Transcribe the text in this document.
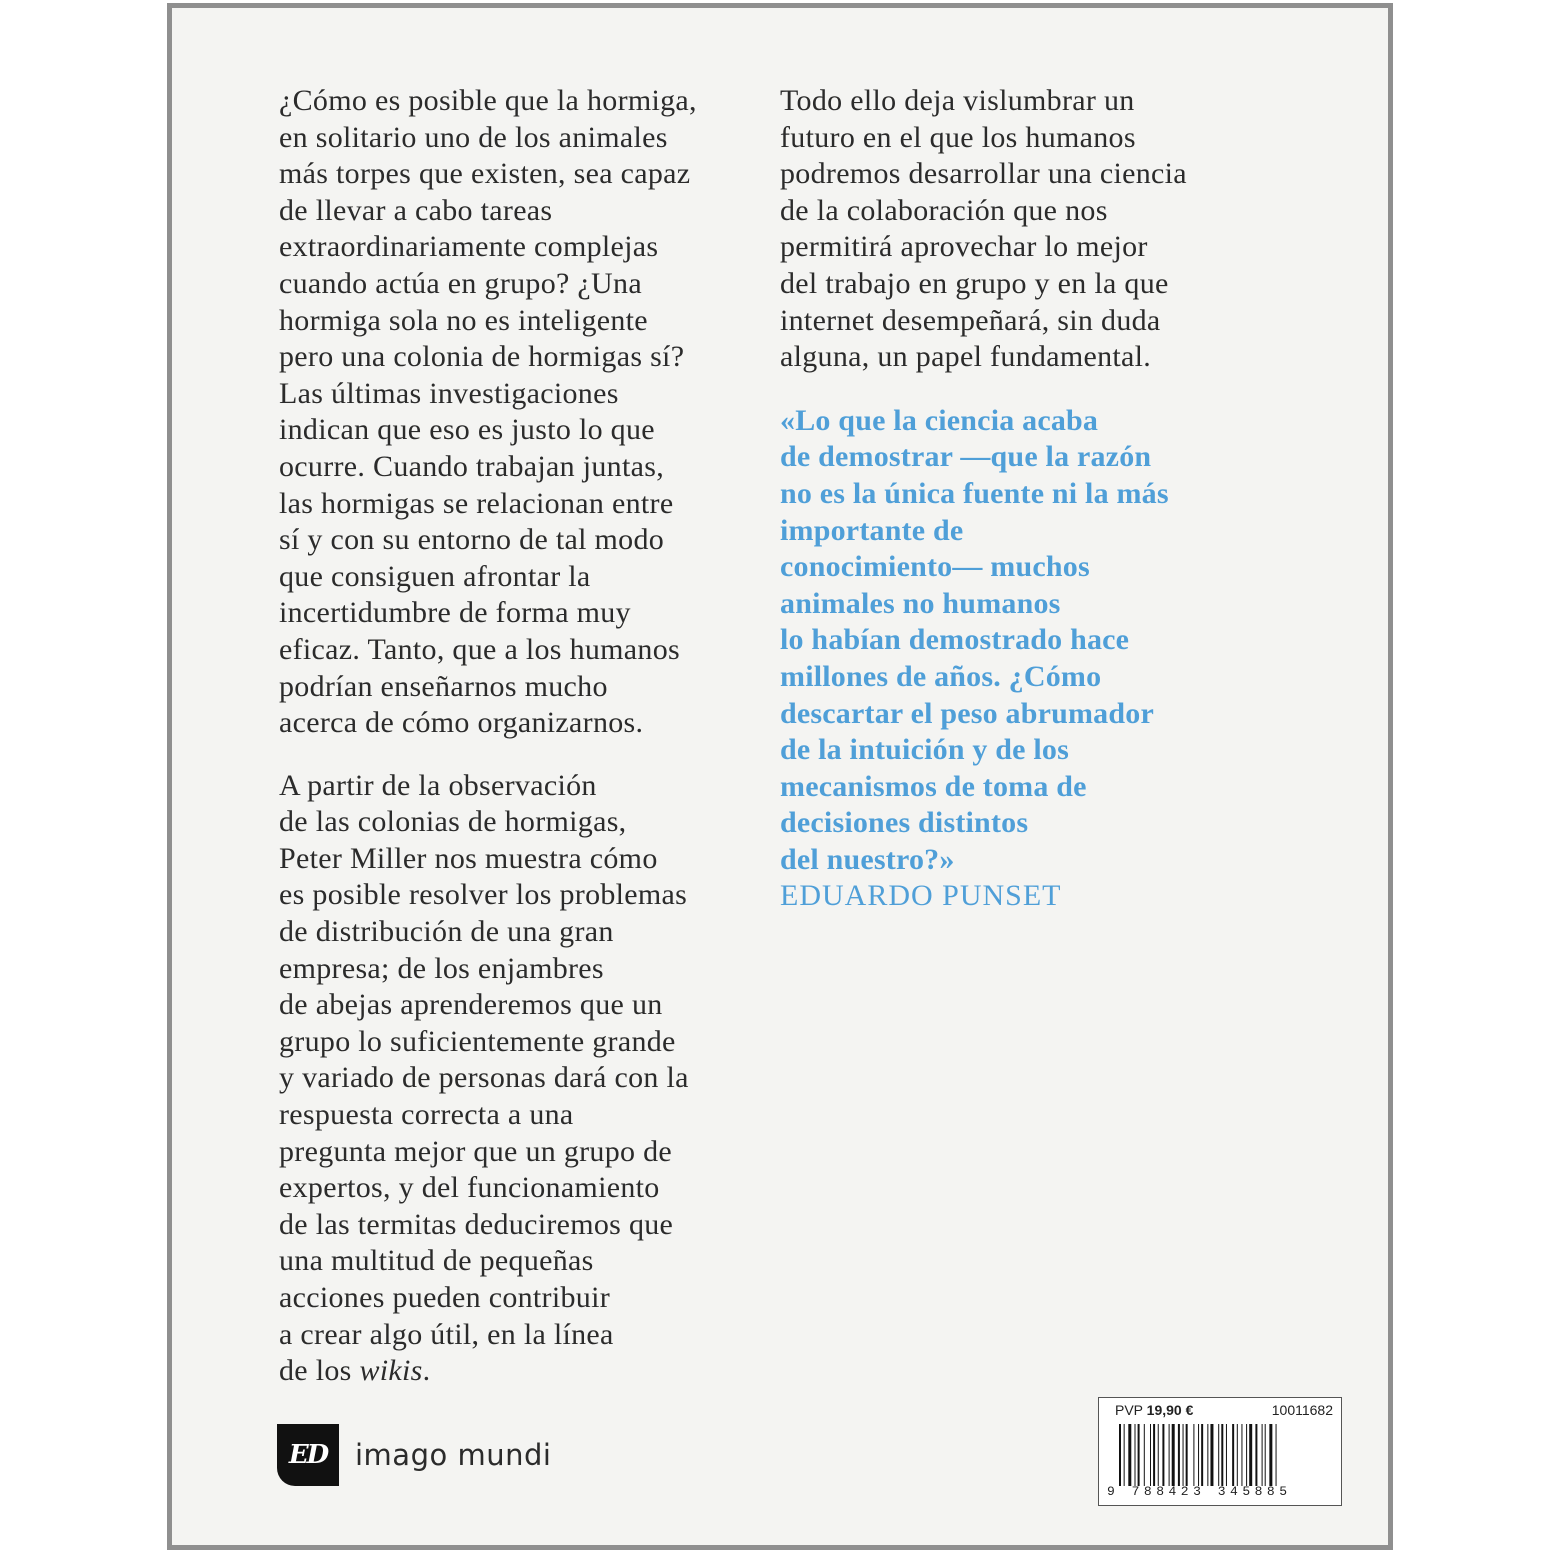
¿Cómo es posible que la hormiga,
en solitario uno de los animales
más torpes que existen, sea capaz
de llevar a cabo tareas
extraordinariamente complejas
cuando actúa en grupo? ¿Una
hormiga sola no es inteligente
pero una colonia de hormigas sí?
Las últimas investigaciones
indican que eso es justo lo que
ocurre. Cuando trabajan juntas,
las hormigas se relacionan entre
sí y con su entorno de tal modo
que consiguen afrontar la
incertidumbre de forma muy
eficaz. Tanto, que a los humanos
podrían enseñarnos mucho
acerca de cómo organizarnos.
A partir de la observación
de las colonias de hormigas,
Peter Miller nos muestra cómo
es posible resolver los problemas
de distribución de una gran
empresa; de los enjambres
de abejas aprenderemos que un
grupo lo suficientemente grande
y variado de personas dará con la
respuesta correcta a una
pregunta mejor que un grupo de
expertos, y del funcionamiento
de las termitas deduciremos que
una multitud de pequeñas
acciones pueden contribuir
a crear algo útil, en la línea
de los wikis.
Todo ello deja vislumbrar un
futuro en el que los humanos
podremos desarrollar una ciencia
de la colaboración que nos
permitirá aprovechar lo mejor
del trabajo en grupo y en la que
internet desempeñará, sin duda
alguna, un papel fundamental.
«Lo que la ciencia acaba
de demostrar —que la razón
no es la única fuente ni la más
importante de
conocimiento— muchos
animales no humanos
lo habían demostrado hace
millones de años. ¿Cómo
descartar el peso abrumador
de la intuición y de los
mecanismos de toma de
decisiones distintos
del nuestro?»
EDUARDO PUNSET
ED imago mundi
PVP 19,90 €	10011682
9 788423 345885
